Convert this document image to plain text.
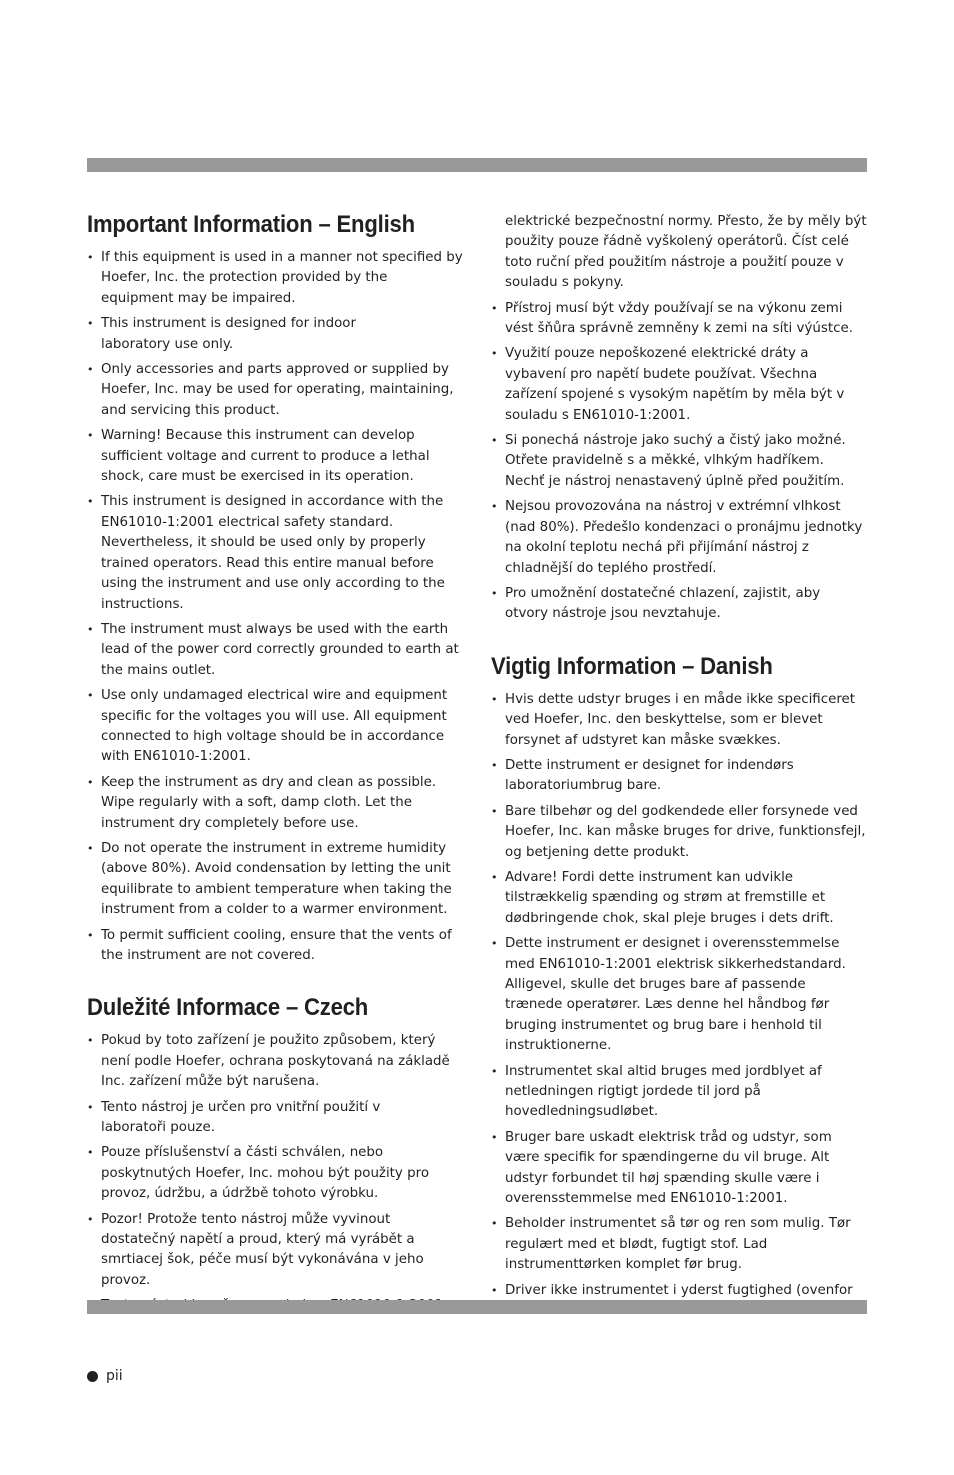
Important Information – English
• If this equipment is used in a manner not specified by Hoefer, Inc. the protection provided by the equipment may be impaired.
• This instrument is designed for indoor laboratory use only.
• Only accessories and parts approved or supplied by Hoefer, Inc. may be used for operating, maintaining, and servicing this product.
• Warning! Because this instrument can develop sufficient voltage and current to produce a lethal shock, care must be exercised in its operation.
• This instrument is designed in accordance with the EN61010-1:2001 electrical safety standard. Nevertheless, it should be used only by properly trained operators. Read this entire manual before using the instrument and use only according to the instructions.
• The instrument must always be used with the earth lead of the power cord correctly grounded to earth at the mains outlet.
• Use only undamaged electrical wire and equipment specific for the voltages you will use. All equipment connected to high voltage should be in accordance with EN61010-1:2001.
• Keep the instrument as dry and clean as possible. Wipe regularly with a soft, damp cloth. Let the instrument dry completely before use.
• Do not operate the instrument in extreme humidity (above 80%). Avoid condensation by letting the unit equilibrate to ambient temperature when taking the instrument from a colder to a warmer environment.
• To permit sufficient cooling, ensure that the vents of the instrument are not covered.
Duležité Informace – Czech
• Pokud by toto zařízení je použito způsobem, který není podle Hoefer, ochrana poskytovaná na základě Inc. zařízení může být narušena.
• Tento nástroj je určen pro vnitřní použití v laboratoři pouze.
• Pouze příslušenství a části schválen, nebo poskytnutých Hoefer, Inc. mohou být použity pro provoz, údržbu, a údržbě tohoto výrobku.
• Pozor! Protože tento nástroj může vyvinout dostatečný napětí a proud, který má vyrábět a smrtiacej šok, péče musí být vykonávána v jeho provoz.
•
elektrické bezpečnostní normy. Přesto, že by měly být použity pouze řádně vyškolený operátorů. Číst celé toto ruční před použitím nástroje a použití pouze v souladu s pokyny.
• Přístroj musí být vždy používají se na výkonu zemi vést šňůra správně zemněny k zemi na síti výústce.
• Využití pouze nepoškozené elektrické dráty a vybavení pro napětí budete používat. Všechna zařízení spojené s vysokým napětím by měla být v souladu s EN61010-1:2001.
• Si ponechá nástroje jako suchý a čistý jako možné. Otřete pravidelně s a měkké, vlhkým hadříkem. Nechť je nástroj nenastavený úplně před použitím.
• Nejsou provozována na nástroj v extrémní vlhkost (nad 80%). Předešlo kondenzaci o pronájmu jednotky na okolní teplotu nechá při přijímání nástroj z chladnější do teplého prostředí.
• Pro umožnění dostatečné chlazení, zajistit, aby otvory nástroje jsou nevztahuje.
Vigtig Information – Danish
• Hvis dette udstyr bruges i en måde ikke specificeret ved Hoefer, Inc. den beskyttelse, som er blevet forsynet af udstyret kan måske svækkes.
• Dette instrument er designet for indendørs laboratoriumbrug bare.
• Bare tilbehør og del godkendede eller forsynede ved Hoefer, Inc. kan måske bruges for drive, funktionsfejl, og betjening dette produkt.
• Advare! Fordi dette instrument kan udvikle tilstrækkelig spænding og strøm at fremstille et dødbringende chok, skal pleje bruges i dets drift.
• Dette instrument er designet i overensstemmelse med EN61010-1:2001 elektrisk sikkerhedstandard. Alligevel, skulle det bruges bare af passende trænede operatører. Læs denne hel håndbog før bruging instrumentet og brug bare i henhold til instruktionerne.
• Instrumentet skal altid bruges med jordblyet af netledningen rigtigt jordede til jord på hovedledningsudløbet.
• Bruger bare uskadt elektrisk tråd og udstyr, som være specifik for spændingerne du vil bruge. Alt udstyr forbundet til høj spænding skulle være i overensstemmelse med EN61010-1:2001.
• Beholder instrumentet så tør og ren som mulig. Tør regulært med et blødt, fugtigt stof. Lad instrumenttørken komplet før brug.
• Driver ikke instrumentet i yderst fugtighed (ovenfor
pii
